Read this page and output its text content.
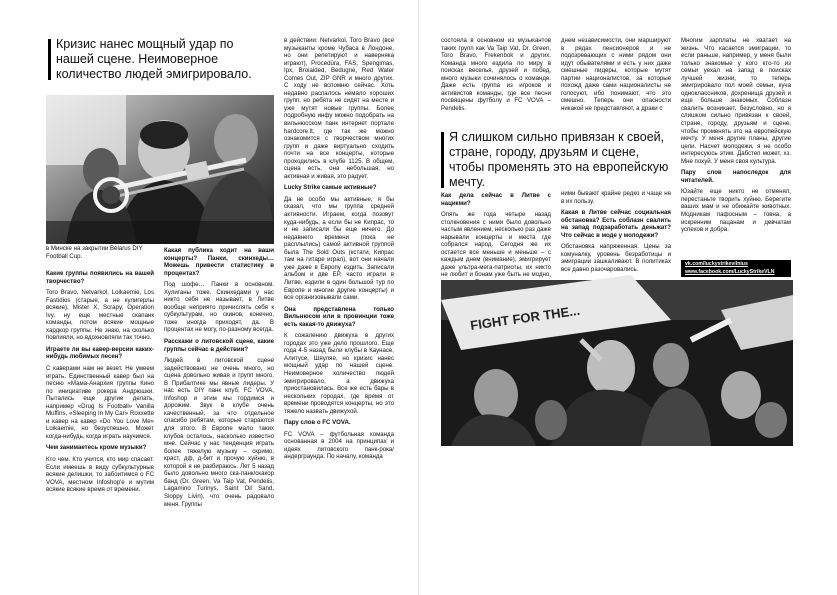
Кризис нанес мощный удар по нашей сцене. Неимоверное количество людей эмигрировало.
в Минске на закрытии Belarus DIY Football Cup.

Какие группы появились на вашей творчество?

Toro Bravo, Netvarkol, Loikaemie, Los Fastidios (старые, а не кулигерлы всякие), Mister X, Scrapy, Operation Ivy, ну еще местные скапанк команды, потом всякие мощные хардкор группы. Не знаю, на сколько повлияли, но вдохновляли так точно.

Играете ли вы кавер-версии каких-нибудь любимых песен?

С каверами нам не везет. Не умеем играть. Единственный кавер был на песню «Мама-Анархия группы Кино по инициативе рокера Андрюшки. Пытались еще другие делать, например «Drug Is Football» Vanilla Muffins, «Sleeping In My Car» Roxxette и кавер на кавер «Do You Love Me» Loikaemie, но безуспешно. Может когда-нибудь, когда играть научимся.

Чем занимаетесь кроме музыки?

Кто чем. Кто учится, кто мир спасает. Если имеешь в виду субкультурные всякие делишки, то забоитимся о FC VOVA, местном Infoshop'е и мутим всякие всякие время от времени.

Какая публика ходит на ваши концерты? Панки, скинхеды… Можешь привести статистику в процентах?

Под шофе… Панки в основном. Хулиганы тоже. Скинхедами у нас никто себя не называет, в Литве вообще неприято причислять себя к субкультурам, но скинов, конечно, тоже иногда приходят, да. В процентах не могу, по-разному всегда.

Расскажи о литовской сцене, какие группы сейчас в действии?

Людей в литовской сцене задействовано не очень много, но сцена довольно живая и групп много. В Прибалтике мы явные лидеры. У нас есть DIY панк клуб, FC VOVA, Infoshop и этим мы гордимся и дорожим. Звук в клубе очень качественный, за что отдельное спасибо ребятам, которые стараются для этого. В Европе мало таких клубов осталось, насколько известно мне. Сейчас у нас тенденция играть более тяжелую музыку – скримо, краст, дф, д-бит и прочую хуйню, в которой я не разбираюсь. Лет 5 назад было довольно много ска-панк/скакор банд (Dr. Green, Va Taip Vat, Pendelis, Lagamino Turinys, Saint Oil Sand, Sloppy Livin), что очень радовало меня. Группы

в действии: Netvarkol, Toro Bravo (все музыканты кроме Чубаса в Лондоне, но они репетируют и наверняка играют), Procedūra, FAS, Spengimas, Ipx, Broiaided, Bedugnė, Red Water Comes Out, ZIP GNR и много других. С ходу не вспомню сейчас. Хоть недавно распалось немало хороших групп, но ребята не сидят на месте и уже мутят новые группы. Более подробную инфу можно подобрать на вильнюсском панк интернет портале hardcore.lt, где так же можно ознакомится с творчеством многих групп и даже виртуально сходить почти на все концерты, которые проходились в клубе 1125. В общем, сцена есть, она небольшая, но активная и живая, это радует.

Lucky Strike самые активные?

Да не особо мы активные, я бы сказал, что мы группа средней активности. Играем, когда позовут куда-нибудь, а если бы не Кипрас, то и не записали бы еще ничего. До недавнего времени (пока не расплылись) самой активной группой была The Sold Outs (кстати, Кипрас там на гитаре играл), вот они начали уже даже в Европу ездить. Записали альбом и две EP, часто играли в Литве, ездили в один большой тур по Европе и многие другие концерты) и все организовывали сами.

Она представлена только Вильнюсом или в провинции тоже есть какая-то движуха?

К сожалению движуха в других городах это уже дело прошлого. Еще года 4-5 назад были клубы в Каунасе, Алитусе, Шяуляе, но кризис нанес мощный удар по нашей сцене. Неимоверное количество людей эмигрировало, а движуха приостановилась. Все же есть бары в нескольких городах, где время от времени проводятся концерты, но это тяжело назвать движухой.

Пару слов о FC VOVA.

FC VOVA – футбольная команда основанная в 2004 на принципах и идеях литовского панк-рока/андерграунда. По началу, команда

состояла в основном из музыкантов таких групп как Va Taip Vat, Dr. Green, Toro Bravo, Frekenbok и других. Команда много ездила по миру в поисках веселья, друзей и побед, много музыки сочинялось о команде. Даже есть группа из игроков и активистов команды, где все песни посвящены футболу и FC VOVA – Pendelis.

днем независимости, они маршируют в рядах пенсионеров и не подозревающих с ними рядом они идут обывателями и есть у них даже смешные лидеры, которые мутят партии националистов, за которые похожд даже сами националисты не голосуют, ибо понимают, что это смешно. Теперь они опасности никакой не представляют, а драки с

Я слишком сильно привязан к своей, стране, городу, друзьям и сцене, чтобы променять это на европейскую мечту.

Как дела сейчас в Литве с нацикми?

Опять же года четыре назад столкновения с ними было довольно частым явлением, несколько раз даже нарывали концерты и места где собрался народ. Сегодня же их остается все меньше и меньше – с каждым днем (внимание), эмигрирует даже ультра-мега-патриоты, их никто не любит и бонам уже быть не модно,

ними бывают крайне редко и чаще не в их пользу.

Какая в Литве сейчас социальная обстановка? Есть соблазн свалить на запад подзаработать деньжат? Что сейчас в моде у молодежи?

Обстановка напряженная. Цены за комуналку, уровень безработицы и эмиграции зашкаливают. В политиках все давно разочаровались.

Многим зарплаты не хватает на жизнь. Что касается эмиграции, то если раньше, например, у меня были только знакомые у кого кто-то из семьи уехал на запад в поисках лучшей жизни, то теперь эмигрировало пол моей семьи, куча одноклассников, дохренища друзей и еще больше знакомых. Соблазн свалить возникает, безусловно, но я слишком сильно привязан к своей, стране, городу, друзьям и сцене, чтобы променять это на европейскую мечту. У меня другие планы, другие цели. Насчет молодежи, я не особо интересуюсь этим. Дабстеп может, хз. Мне похуй. У меня своя культура.

Пару слов напоследок для читателей.

Юзайте еще никто не отменял, перестаньте творить хуйню. Берегите ваших мам и не обижайте животных. Модникам пафосным – говна, а искренним пацанам и девчатам успехов и добра.

vk.com/luckystrikevilnius
www.facebook.com/LuckyStrikeVLN
FIGHT FOR THE...
